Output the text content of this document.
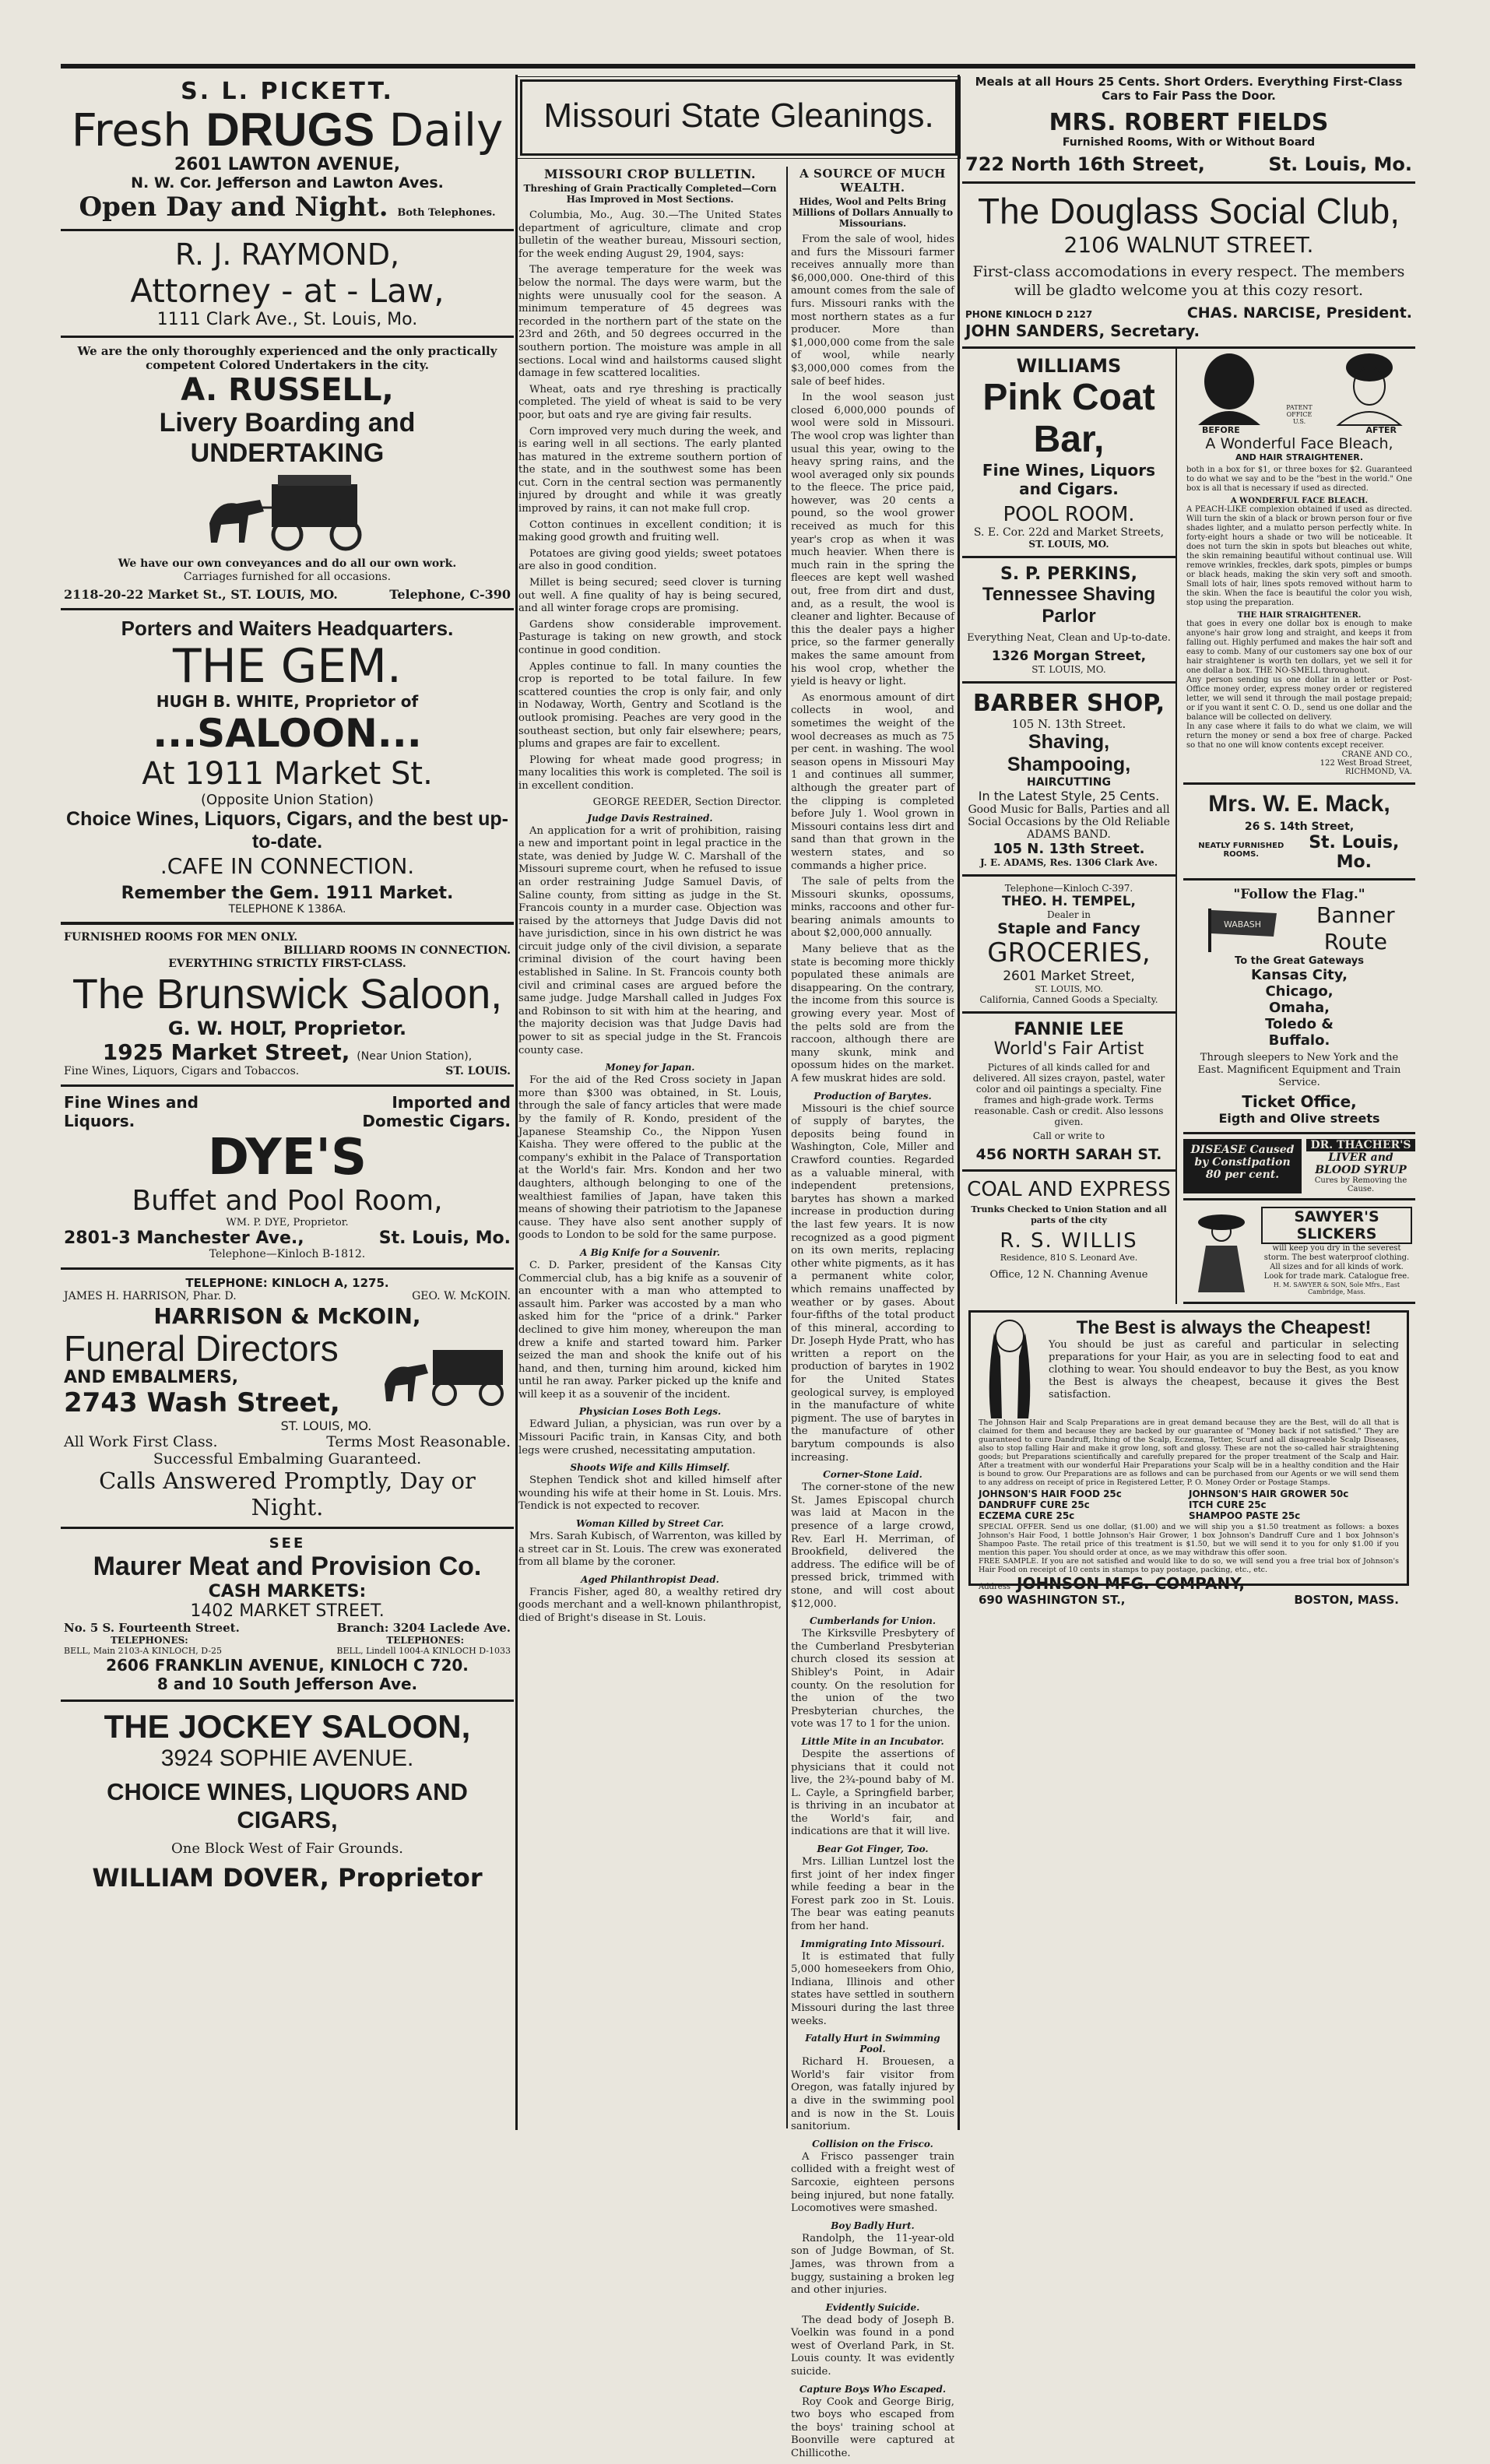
S. L. PICKETT.
Fresh DRUGS Daily
2601 LAWTON AVENUE,
N. W. Cor. Jefferson and Lawton Aves.
Open Day and Night. Both Telephones.
R. J. RAYMOND,
Attorney - at - Law,
1111 Clark Ave., St. Louis, Mo.
We are the only thoroughly experienced and the only practically competent Colored Undertakers in the city.
A. RUSSELL,
Livery Boarding and UNDERTAKING
We have our own conveyances and do all our own work.
Carriages furnished for all occasions.
2118-20-22 Market St., ST. LOUIS, MO.	Telephone, C-390
Porters and Waiters Headquarters.
THE GEM.
HUGH B. WHITE, Proprietor of
...SALOON...
At 1911 Market St.
(Opposite Union Station)
Choice Wines, Liquors, Cigars, and the best up-to-date.
.CAFE IN CONNECTION.
Remember the Gem. 1911 Market.
TELEPHONE K 1386A.
FURNISHED ROOMS FOR MEN ONLY.
BILLIARD ROOMS IN CONNECTION.
EVERYTHING STRICTLY FIRST-CLASS.
The Brunswick Saloon,
G. W. HOLT, Proprietor.
1925 Market Street, (Near Union Station),
Fine Wines, Liquors, Cigars and Tobaccos.	ST. LOUIS.
Fine Wines and Liquors.
Imported and Domestic Cigars.
DYE'S
Buffet and Pool Room,
WM. P. DYE, Proprietor.
2801-3 Manchester Ave.,	St. Louis, Mo.
Telephone—Kinloch B-1812.
TELEPHONE: KINLOCH A, 1275.
JAMES H. HARRISON, Phar. D.	GEO. W. McKOIN.
HARRISON & McKOIN,
Funeral Directors
AND EMBALMERS,
2743 Wash Street,
ST. LOUIS, MO.
All Work First Class.	Terms Most Reasonable.
Successful Embalming Guaranteed.
Calls Answered Promptly, Day or Night.
SEE
Maurer Meat and Provision Co.
CASH MARKETS:
1402 MARKET STREET.
No. 5 S. Fourteenth Street.	Branch: 3204 Laclede Ave.
TELEPHONES:	TELEPHONES:
BELL, Main 2103-A KINLOCH, D-25	BELL, Lindell 1004-A KINLOCH D-1033
2606 FRANKLIN AVENUE, KINLOCH C 720.
8 and 10 South Jefferson Ave.
THE JOCKEY SALOON,
3924 SOPHIE AVENUE.
CHOICE WINES, LIQUORS AND CIGARS,
One Block West of Fair Grounds.
WILLIAM DOVER, Proprietor
Missouri State Gleanings.
MISSOURI CROP BULLETIN.
Threshing of Grain Practically Completed—Corn Has Improved in Most Sections.

Columbia, Mo., Aug. 30.—The United States department of agriculture, climate and crop bulletin of the weather bureau, Missouri section, for the week ending August 29, 1904, says:

The average temperature for the week was below the normal. The days were warm, but the nights were unusually cool for the season. A minimum temperature of 45 degrees was recorded in the northern part of the state on the 23rd and 26th, and 50 degrees occurred in the southern portion. The moisture was ample in all sections. Local wind and hailstorms caused slight damage in few scattered localities.

Wheat, oats and rye threshing is practically completed. The yield of wheat is said to be very poor, but oats and rye are giving fair results.

Corn improved very much during the week, and is earing well in all sections. The early planted has matured in the extreme southern portion of the state, and in the southwest some has been cut. Corn in the central section was permanently injured by drought and while it was greatly improved by rains, it can not make full crop.

Cotton continues in excellent condition; it is making good growth and fruiting well.

Potatoes are giving good yields; sweet potatoes are also in good condition.

Millet is being secured; seed clover is turning out well. A fine quality of hay is being secured, and all winter forage crops are promising.

Gardens show considerable improvement. Pasturage is taking on new growth, and stock continue in good condition.

Apples continue to fall. In many counties the crop is reported to be total failure. In few scattered counties the crop is only fair, and only in Nodaway, Worth, Gentry and Scotland is the outlook promising. Peaches are very good in the southeast section, but only fair elsewhere; pears, plums and grapes are fair to excellent.

Plowing for wheat made good progress; in many localities this work is completed. The soil is in excellent condition.

GEORGE REEDER, Section Director.
Judge Davis Restrained.

An application for a writ of prohibition, raising a new and important point in legal practice in the state, was denied by Judge W. C. Marshall of the Missouri supreme court, when he refused to issue an order restraining Judge Samuel Davis, of Saline county, from sitting as judge in the St. Francois county in a murder case. Objection was raised by the attorneys that Judge Davis did not have jurisdiction, since in his own district he was circuit judge only of the civil division, a separate criminal division of the court having been established in Saline. In St. Francois county both civil and criminal cases are argued before the same judge. Judge Marshall called in Judges Fox and Robinson to sit with him at the hearing, and the majority decision was that Judge Davis had power to sit as special judge in the St. Francois county case.

Money for Japan.

For the aid of the Red Cross society in Japan more than $300 was obtained, in St. Louis, through the sale of fancy articles that were made by the family of R. Kondo, president of the Japanese Steamship Co., the Nippon Yusen Kaisha. They were offered to the public at the company's exhibit in the Palace of Transportation at the World's fair. Mrs. Kondon and her two daughters, although belonging to one of the wealthiest families of Japan, have taken this means of showing their patriotism to the Japanese cause. They have also sent another supply of goods to London to be sold for the same purpose.

A Big Knife for a Souvenir.

C. D. Parker, president of the Kansas City Commercial club, has a big knife as a souvenir of an encounter with a man who attempted to assault him. Parker was accosted by a man who asked him for the "price of a drink." Parker declined to give him money, whereupon the man drew a knife and started toward him. Parker seized the man and shook the knife out of his hand, and then, turning him around, kicked him until he ran away. Parker picked up the knife and will keep it as a souvenir of the incident.

Physician Loses Both Legs.

Edward Julian, a physician, was run over by a Missouri Pacific train, in Kansas City, and both legs were crushed, necessitating amputation.

Shoots Wife and Kills Himself.

Stephen Tendick shot and killed himself after wounding his wife at their home in St. Louis. Mrs. Tendick is not expected to recover.

Woman Killed by Street Car.

Mrs. Sarah Kubisch, of Warrenton, was killed by a street car in St. Louis. The crew was exonerated from all blame by the coroner.

Aged Philanthropist Dead.

Francis Fisher, aged 80, a wealthy retired dry goods merchant and a well-known philanthropist, died of Bright's disease in St. Louis.

A SOURCE OF MUCH WEALTH.
Hides, Wool and Pelts Bring Millions of Dollars Annually to Missourians.

From the sale of wool, hides and furs the Missouri farmer receives annually more than $6,000,000. One-third of this amount comes from the sale of furs. Missouri ranks with the most northern states as a fur producer. More than $1,000,000 come from the sale of wool, while nearly $3,000,000 comes from the sale of beef hides.

In the wool season just closed 6,000,000 pounds of wool were sold in Missouri. The wool crop was lighter than usual this year, owing to the heavy spring rains, and the wool averaged only six pounds to the fleece. The price paid, however, was 20 cents a pound, so the wool grower received as much for this year's crop as when it was much heavier. When there is much rain in the spring the fleeces are kept well washed out, free from dirt and dust, and, as a result, the wool is cleaner and lighter. Because of this the dealer pays a higher price, so the farmer generally makes the same amount from his wool crop, whether the yield is heavy or light.

As enormous amount of dirt collects in wool, and sometimes the weight of the wool decreases as much as 75 per cent. in washing. The wool season opens in Missouri May 1 and continues all summer, although the greater part of the clipping is completed before July 1. Wool grown in Missouri contains less dirt and sand than that grown in the western states, and so commands a higher price.

The sale of pelts from the Missouri skunks, opossums, minks, raccoons and other fur-bearing animals amounts to about $2,000,000 annually.

Many believe that as the state is becoming more thickly populated these animals are disappearing. On the contrary, the income from this source is growing every year. Most of the pelts sold are from the raccoon, although there are many skunk, mink and opossum hides on the market. A few muskrat hides are sold.

Production of Barytes.

Missouri is the chief source of supply of barytes, the deposits being found in Washington, Cole, Miller and Crawford counties. Regarded as a valuable mineral, with independent pretensions, barytes has shown a marked increase in production during the last few years. It is now recognized as a good pigment on its own merits, replacing other white pigments, as it has a permanent white color, which remains unaffected by weather or by gases. About four-fifths of the total product of this mineral, according to Dr. Joseph Hyde Pratt, who has written a report on the production of barytes in 1902 for the United States geological survey, is employed in the manufacture of white pigment. The use of barytes in the manufacture of other barytum compounds is also increasing.

Corner-Stone Laid.

The corner-stone of the new St. James Episcopal church was laid at Macon in the presence of a large crowd, Rev. Earl H. Merriman, of Brookfield, delivered the address. The edifice will be of pressed brick, trimmed with stone, and will cost about $12,000.

Cumberlands for Union.

The Kirksville Presbytery of the Cumberland Presbyterian church closed its session at Shibley's Point, in Adair county. On the resolution for the union of the two Presbyterian churches, the vote was 17 to 1 for the union.

Little Mite in an Incubator.

Despite the assertions of physicians that it could not live, the 2¾-pound baby of M. L. Cayle, a Springfield barber, is thriving in an incubator at the World's fair, and indications are that it will live.

Bear Got Finger, Too.

Mrs. Lillian Luntzel lost the first joint of her index finger while feeding a bear in the Forest park zoo in St. Louis. The bear was eating peanuts from her hand.

Immigrating Into Missouri.

It is estimated that fully 5,000 homeseekers from Ohio, Indiana, Illinois and other states have settled in southern Missouri during the last three weeks.

Fatally Hurt in Swimming Pool.

Richard H. Brouesen, a World's fair visitor from Oregon, was fatally injured by a dive in the swimming pool and is now in the St. Louis sanitorium.

Collision on the Frisco.

A Frisco passenger train collided with a freight west of Sarcoxie, eighteen persons being injured, but none fatally. Locomotives were smashed.

Boy Badly Hurt.

Randolph, the 11-year-old son of Judge Bowman, of St. James, was thrown from a buggy, sustaining a broken leg and other injuries.

Evidently Suicide.

The dead body of Joseph B. Voelkin was found in a pond west of Overland Park, in St. Louis county. It was evidently suicide.

Capture Boys Who Escaped.

Roy Cook and George Birig, two boys who escaped from the boys' training school at Boonville were captured at Chillicothe.

Meals at all Hours 25 Cents. Short Orders. Everything First-Class Cars to Fair Pass the Door.
MRS. ROBERT FIELDS
Furnished Rooms, With or Without Board
722 North 16th Street,	St. Louis, Mo.
The Douglass Social Club,
2106 WALNUT STREET.
First-class accomodations in every respect. The members will be gladto welcome you at this cozy resort.
PHONE KINLOCH D 2127	CHAS. NARCISE, President.
JOHN SANDERS, Secretary.
WILLIAMS
Pink Coat Bar,
Fine Wines, Liquors and Cigars.
POOL ROOM.
S. E. Cor. 22d and Market Streets,
ST. LOUIS, MO.
S. P. PERKINS,
Tennessee Shaving Parlor
Everything Neat, Clean and Up-to-date.
1326 Morgan Street,
ST. LOUIS, MO.
BARBER SHOP,
105 N. 13th Street.
Shaving, Shampooing,
HAIRCUTTING
In the Latest Style, 25 Cents.
Good Music for Balls, Parties and all Social Occasions by the Old Reliable ADAMS BAND.
105 N. 13th Street.
J. E. ADAMS, Res. 1306 Clark Ave.
Telephone—Kinloch C-397.
THEO. H. TEMPEL,
Dealer in
Staple and Fancy
GROCERIES,
2601 Market Street,
ST. LOUIS, MO.
California, Canned Goods a Specialty.
FANNIE LEE
World's Fair Artist
Pictures of all kinds called for and delivered. All sizes crayon, pastel, water color and oil paintings a specialty. Fine frames and high-grade work. Terms reasonable. Cash or credit. Also lessons given.
Call or write to
456 NORTH SARAH ST.
COAL AND EXPRESS
Trunks Checked to Union Station and all parts of the city
R. S. WILLIS
Residence, 810 S. Leonard Ave.
Office, 12 N. Channing Avenue
PATENT OFFICE U.S.
BEFORE	AFTER
A Wonderful Face Bleach,
AND HAIR STRAIGHTENER.
both in a box for $1, or three boxes for $2. Guaranteed to do what we say and to be the "best in the world." One box is all that is necessary if used as directed.
A WONDERFUL FACE BLEACH.
A PEACH-LIKE complexion obtained if used as directed. Will turn the skin of a black or brown person four or five shades lighter, and a mulatto person perfectly white. In forty-eight hours a shade or two will be noticeable. It does not turn the skin in spots but bleaches out white, the skin remaining beautiful without continual use. Will remove wrinkles, freckles, dark spots, pimples or bumps or black heads, making the skin very soft and smooth. Small lots of hair, lines spots removed without harm to the skin. When the face is beautiful the color you wish, stop using the preparation.
THE HAIR STRAIGHTENER.
that goes in every one dollar box is enough to make anyone's hair grow long and straight, and keeps it from falling out. Highly perfumed and makes the hair soft and easy to comb. Many of our customers say one box of our hair straightener is worth ten dollars, yet we sell it for one dollar a box. THE NO-SMELL throughout.
Any person sending us one dollar in a letter or Post-Office money order, express money order or registered letter, we will send it through the mail postage prepaid; or if you want it sent C. O. D., send us one dollar and the balance will be collected on delivery.
In any case where it fails to do what we claim, we will return the money or send a box free of charge. Packed so that no one will know contents except receiver.
CRANE AND CO.,
122 West Broad Street,
RICHMOND, VA.
Mrs. W. E. Mack,
26 S. 14th Street,
NEATLY FURNISHED ROOMS.
St. Louis, Mo.
"Follow the Flag."
WABASH	Banner
Route
To the Great Gateways
Kansas City,
Chicago,
Omaha,
Toledo &
Buffalo.
Through sleepers to New York and the East. Magnificent Equipment and Train Service.
Ticket Office,
Eigth and Olive streets
DISEASE Caused by Constipation 80 per cent.
DR. THACHER'S
LIVER and BLOOD SYRUP
Cures by Removing the Cause.
SAWYER'S SLICKERS
will keep you dry in the severest storm. The best waterproof clothing. All sizes and for all kinds of work. Look for trade mark. Catalogue free.
H. M. SAWYER & SON, Sole Mfrs., East Cambridge, Mass.
The Best is always the Cheapest!
You should be just as careful and particular in selecting preparations for your Hair, as you are in selecting food to eat and clothing to wear. You should endeavor to buy the Best, as you know the Best is always the cheapest, because it gives the Best satisfaction.
The Johnson Hair and Scalp Preparations are in great demand because they are the Best, will do all that is claimed for them and because they are backed by our guarantee of "Money back if not satisfied." They are guaranteed to cure Dandruff, Itching of the Scalp, Eczema, Tetter, Scurf and all disagreeable Scalp Diseases, also to stop falling Hair and make it grow long, soft and glossy. These are not the so-called hair straightening goods; but Preparations scientifically and carefully prepared for the proper treatment of the Scalp and Hair. After a treatment with our wonderful Hair Preparations your Scalp will be in a healthy condition and the Hair is bound to grow. Our Preparations are as follows and can be purchased from our Agents or we will send them to any address on receipt of price in Registered Letter, P. O. Money Order or Postage Stamps.
JOHNSON'S HAIR FOOD 25c	JOHNSON'S HAIR GROWER 50c
DANDRUFF CURE 25c	ITCH CURE 25c
ECZEMA CURE 25c	SHAMPOO PASTE 25c
SPECIAL OFFER. Send us one dollar, ($1.00) and we will ship you a $1.50 treatment as follows: a boxes Johnson's Hair Food, 1 bottle Johnson's Hair Grower, 1 box Johnson's Dandruff Cure and 1 box Johnson's Shampoo Paste. The retail price of this treatment is $1.50, but we will send it to you for only $1.00 if you mention this paper. You should order at once, as we may withdraw this offer soon.
FREE SAMPLE. If you are not satisfied and would like to do so, we will send you a free trial box of Johnson's Hair Food on receipt of 10 cents in stamps to pay postage, packing, etc., etc.
Address JOHNSON MFG. COMPANY,
690 WASHINGTON ST.,	BOSTON, MASS.
